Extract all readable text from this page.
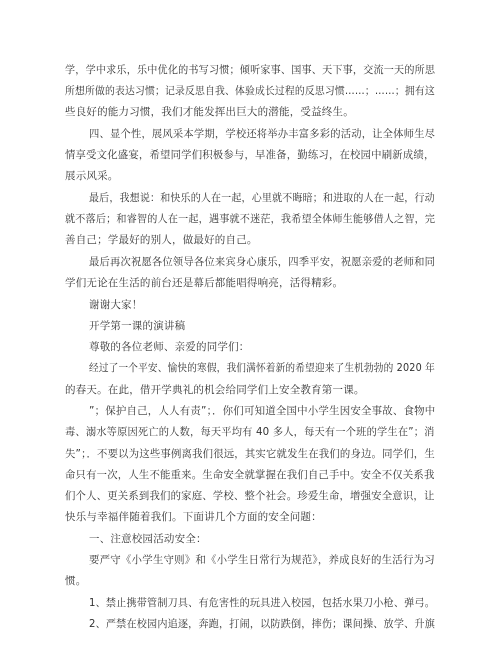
学，学中求乐，乐中优化的书写习惯；倾听家事、国事、天下事，交流一天的所思
所想所做的表达习惯；记录反思自我、体验成长过程的反思习惯……；……；拥有这
些良好的能力习惯，我们才能发挥出巨大的潜能，受益终生。
四、显个性，展风采本学期，学校还将举办丰富多彩的活动，让全体师生尽
情享受文化盛宴，希望同学们积极参与，早准备，勤练习，在校园中刷新成绩，
展示风采。
最后，我想说：和快乐的人在一起，心里就不晦暗；和进取的人在一起，行动
就不落后；和睿智的人在一起，遇事就不迷茫，我希望全体师生能够借人之智，完
善自己；学最好的别人，做最好的自己。
最后再次祝愿各位领导各位来宾身心康乐，四季平安，祝愿亲爱的老师和同
学们无论在生活的前台还是幕后都能唱得响亮，活得精彩。
谢谢大家！
开学第一课的演讲稿
尊敬的各位老师、亲爱的同学们：
经过了一个平安、愉快的寒假，我们满怀着新的希望迎来了生机勃勃的 2020 年
的春天。在此，借开学典礼的机会给同学们上安全教育第一课。
”；保护自己，人人有责”；．你们可知道全国中小学生因安全事故、食物中
毒、溺水等原因死亡的人数，每天平均有 40 多人，每天有一个班的学生在”；消
失”；．不要以为这些事例离我们很远，其实它就发生在我们的身边。同学们，生
命只有一次，人生不能重来。生命安全就掌握在我们自己手中。安全不仅关系我
们个人、更关系到我们的家庭、学校、整个社会。珍爱生命，增强安全意识，让
快乐与幸福伴随着我们。下面讲几个方面的安全问题：
一、注意校园活动安全：
要严守《小学生守则》和《小学生日常行为规范》，养成良好的生活行为习
惯。
1、禁止携带管制刀具、有危害性的玩具进入校园，包括水果刀小枪、弹弓。
2、严禁在校园内追逐，奔跑，打闹，以防跌倒，摔伤；课间操、放学、升旗
